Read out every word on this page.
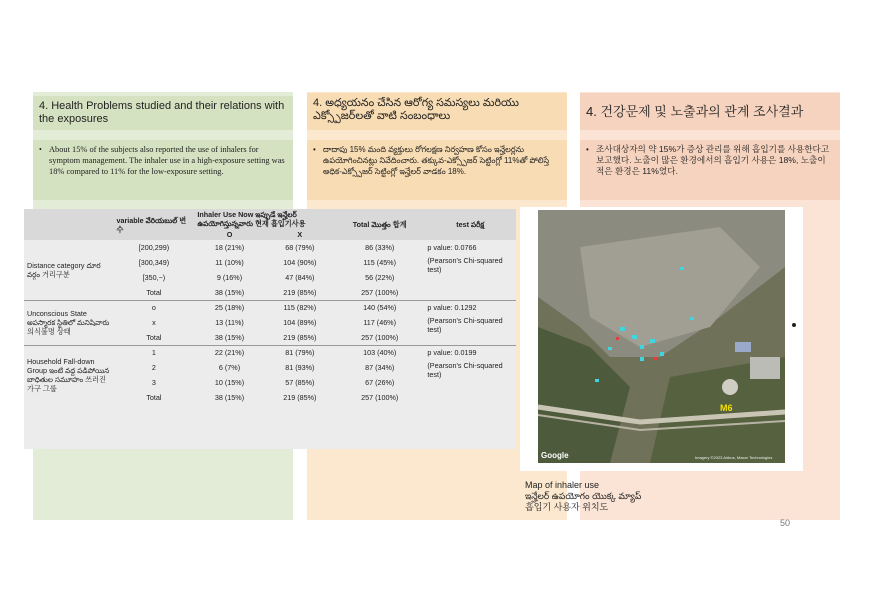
4. Health Problems studied and their relations with the exposures
4. అధ్యయనం చేసిన ఆరోగ్య సమస్యలు మరియు ఎక్స్పోజర్‌లతో వాటి సంబంధాలు	4. 건강문제 및 노출과의 관계 조사결과
• About 15% of the subjects also reported the use of inhalers for symptom management. The inhaler use in a high-exposure setting was 18% compared to 11% for the low-exposure setting.
• దాదాపు 15% మంది వ్యక్తులు రోగలక్షణ నిర్వహణ కోసం ఇన్హేలర్లను ఉపయోగించినట్లు నివేదించారు. తక్కువ-ఎక్స్పోజర్ సెట్టింగ్లో 11%తో పోలిస్తే అధిక-ఎక్స్పోజర్ సెట్టింగ్లో ఇన్హేలర్ వాడకం 18%.
• 조사대상자의 약 15%가 증상 관리를 위해 흡입기를 사용한다고 보고했다. 노출이 많은 환경에서의 흡입기 사용은 18%, 노출이 적은 환경은 11%였다.
	variable వేరియబుల్ 변수	Inhaler Use Now ఇప్పుడే ఇన్హేలర్ ఉపయోగిస్తున్నవారు 현재 흡입기사용		Total మొత్తం 합계	test పరీక్ష
		O	X		
Distance category దూర వర్గం 거리구분	[200,299)	18 (21%)	68 (79%)	86 (33%)	p value: 0.0766
	[300,349)	11 (10%)	104 (90%)	115 (45%)	(Pearson's Chi-squared test)
	[350,−)	9 (16%)	47 (84%)	56 (22%)	
	Total	38 (15%)	219 (85%)	257 (100%)	
Unconscious State అపస్మారక స్థితిలో మనిషివారు 의식불명 상태	o	25 (18%)	115 (82%)	140 (54%)	p value: 0.1292
	x	13 (11%)	104 (89%)	117 (46%)	(Pearson's Chi-squared test)
	Total	38 (15%)	219 (85%)	257 (100%)	
Household Fall-down Group ఇంటి వద్ద పడిపోయిన బాధితుల సమూహం 쓰러진가구 그룹	1	22 (21%)	81 (79%)	103 (40%)	p value: 0.0199
	2	6 (7%)	81 (93%)	87 (34%)	(Pearson's Chi-squared test)
	3	10 (15%)	57 (85%)	67 (26%)	
	Total	38 (15%)	219 (85%)	257 (100%)	
M6
Google	Imagery ©2023 Airbus, Maxar Technologies
Map of inhaler use
ఇన్హేలర్ ఉపయోగం యొక్క మ్యాప్
흡입기 사용자 위치도
50
